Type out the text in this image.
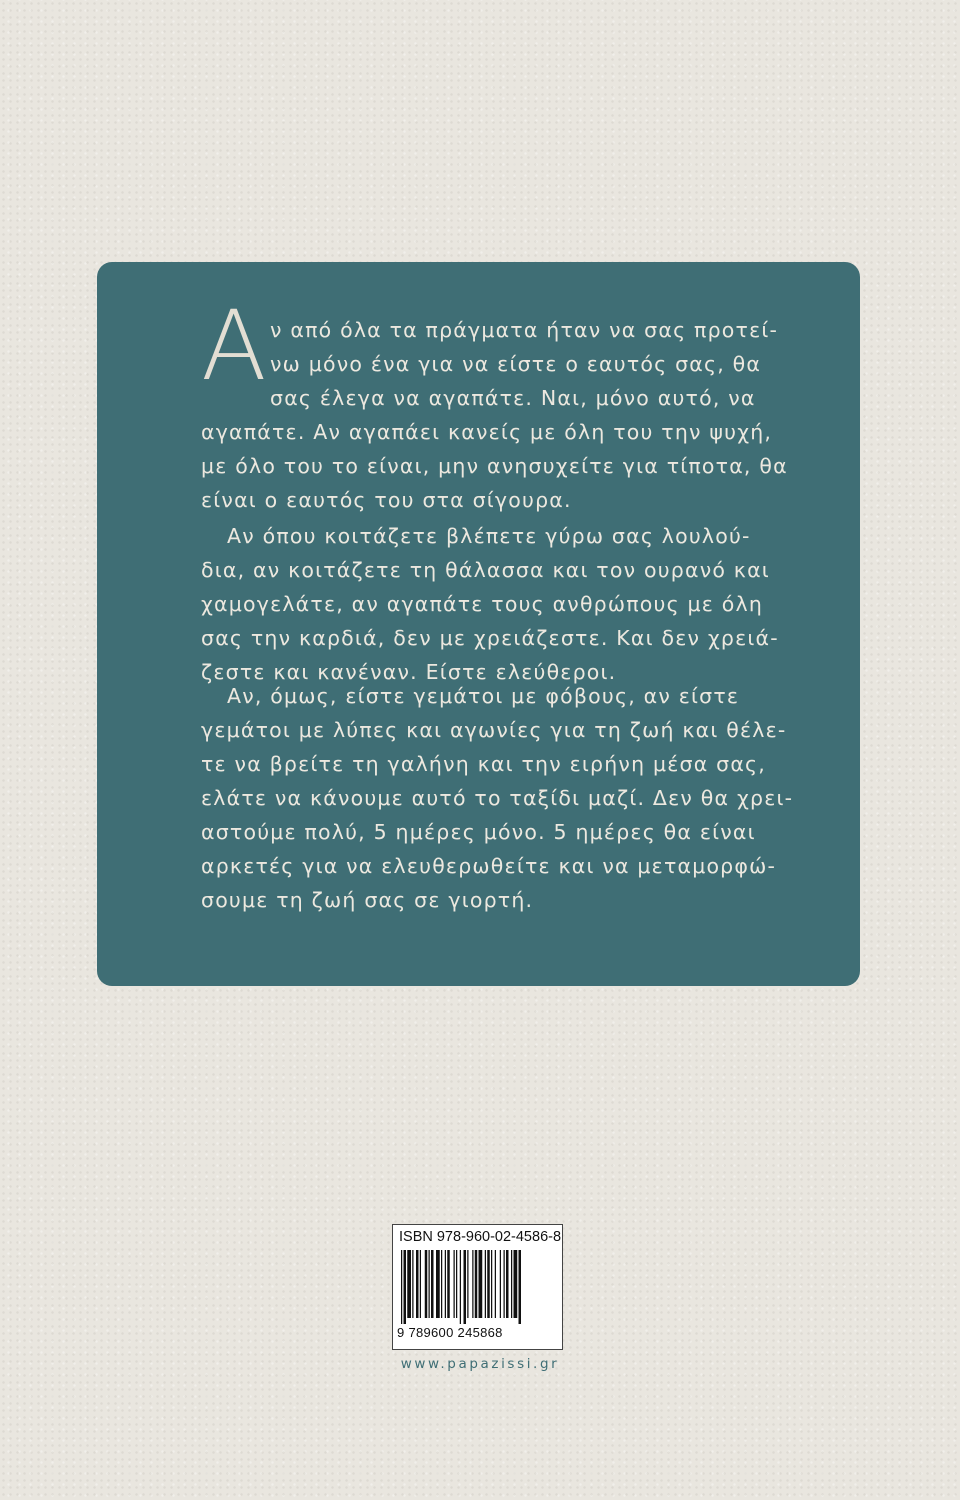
Α ν από όλα τα πράγματα ήταν να σας προτεί-
νω μόνο ένα για να είστε ο εαυτός σας, θα
σας έλεγα να αγαπάτε. Ναι, μόνο αυτό, να
αγαπάτε. Αν αγαπάει κανείς με όλη του την ψυχή,
με όλο του το είναι, μην ανησυχείτε για τίποτα, θα
είναι ο εαυτός του στα σίγουρα.
Αν όπου κοιτάζετε βλέπετε γύρω σας λουλού-
δια, αν κοιτάζετε τη θάλασσα και τον ουρανό και
χαμογελάτε, αν αγαπάτε τους ανθρώπους με όλη
σας την καρδιά, δεν με χρειάζεστε. Και δεν χρειά-
ζεστε και κανέναν. Είστε ελεύθεροι.
Αν, όμως, είστε γεμάτοι με φόβους, αν είστε
γεμάτοι με λύπες και αγωνίες για τη ζωή και θέλε-
τε να βρείτε τη γαλήνη και την ειρήνη μέσα σας,
ελάτε να κάνουμε αυτό το ταξίδι μαζί. Δεν θα χρει-
αστούμε πολύ, 5 ημέρες μόνο. 5 ημέρες θα είναι
αρκετές για να ελευθερωθείτε και να μεταμορφώ-
σουμε τη ζωή σας σε γιορτή.
ISBN 978-960-02-4586-8
9 789600 245868
www.papazissi.gr
